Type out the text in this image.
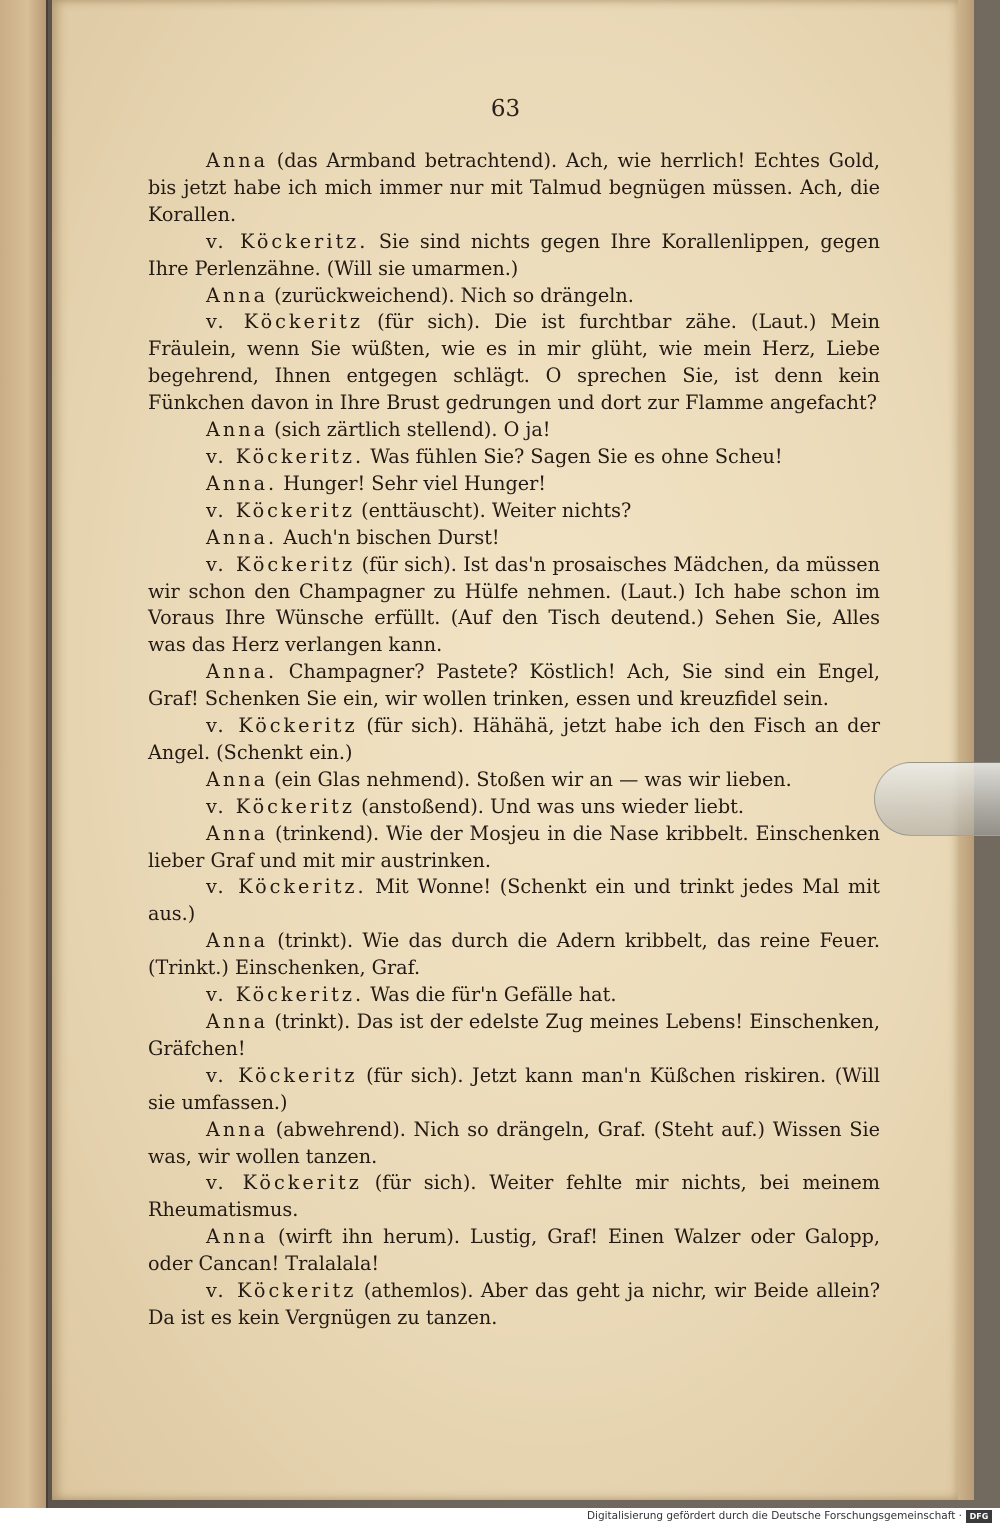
63

Anna (das Armband betrachtend). Ach, wie herrlich! Echtes Gold, bis jetzt habe ich mich immer nur mit Talmud begnügen müssen. Ach, die Korallen.

v. Köckeritz. Sie sind nichts gegen Ihre Korallenlippen, gegen Ihre Perlenzähne. (Will sie umarmen.)

Anna (zurückweichend). Nich so drängeln.

v. Köckeritz (für sich). Die ist furchtbar zähe. (Laut.) Mein Fräulein, wenn Sie wüßten, wie es in mir glüht, wie mein Herz, Liebe begehrend, Ihnen entgegen schlägt. O sprechen Sie, ist denn kein Fünkchen davon in Ihre Brust gedrungen und dort zur Flamme angefacht?

Anna (sich zärtlich stellend). O ja!

v. Köckeritz. Was fühlen Sie? Sagen Sie es ohne Scheu!

Anna. Hunger! Sehr viel Hunger!

v. Köckeritz (enttäuscht). Weiter nichts?

Anna. Auch'n bischen Durst!

v. Köckeritz (für sich). Ist das'n prosaisches Mädchen, da müssen wir schon den Champagner zu Hülfe nehmen. (Laut.) Ich habe schon im Voraus Ihre Wünsche erfüllt. (Auf den Tisch deutend.) Sehen Sie, Alles was das Herz verlangen kann.

Anna. Champagner? Pastete? Köstlich! Ach, Sie sind ein Engel, Graf! Schenken Sie ein, wir wollen trinken, essen und kreuzfidel sein.

v. Köckeritz (für sich). Hähähä, jetzt habe ich den Fisch an der Angel. (Schenkt ein.)

Anna (ein Glas nehmend). Stoßen wir an — was wir lieben.

v. Köckeritz (anstoßend). Und was uns wieder liebt.

Anna (trinkend). Wie der Mosjeu in die Nase kribbelt. Einschenken lieber Graf und mit mir austrinken.

v. Köckeritz. Mit Wonne! (Schenkt ein und trinkt jedes Mal mit aus.)

Anna (trinkt). Wie das durch die Adern kribbelt, das reine Feuer. (Trinkt.) Einschenken, Graf.

v. Köckeritz. Was die für'n Gefälle hat.

Anna (trinkt). Das ist der edelste Zug meines Lebens! Einschenken, Gräfchen!

v. Köckeritz (für sich). Jetzt kann man'n Küßchen riskiren. (Will sie umfassen.)

Anna (abwehrend). Nich so drängeln, Graf. (Steht auf.) Wissen Sie was, wir wollen tanzen.

v. Köckeritz (für sich). Weiter fehlte mir nichts, bei meinem Rheumatismus.

Anna (wirft ihn herum). Lustig, Graf! Einen Walzer oder Galopp, oder Cancan! Tralalala!

v. Köckeritz (athemlos). Aber das geht ja nichr, wir Beide allein? Da ist es kein Vergnügen zu tanzen.

Digitalisierung gefördert durch die Deutsche Forschungsgemeinschaft · DFG
